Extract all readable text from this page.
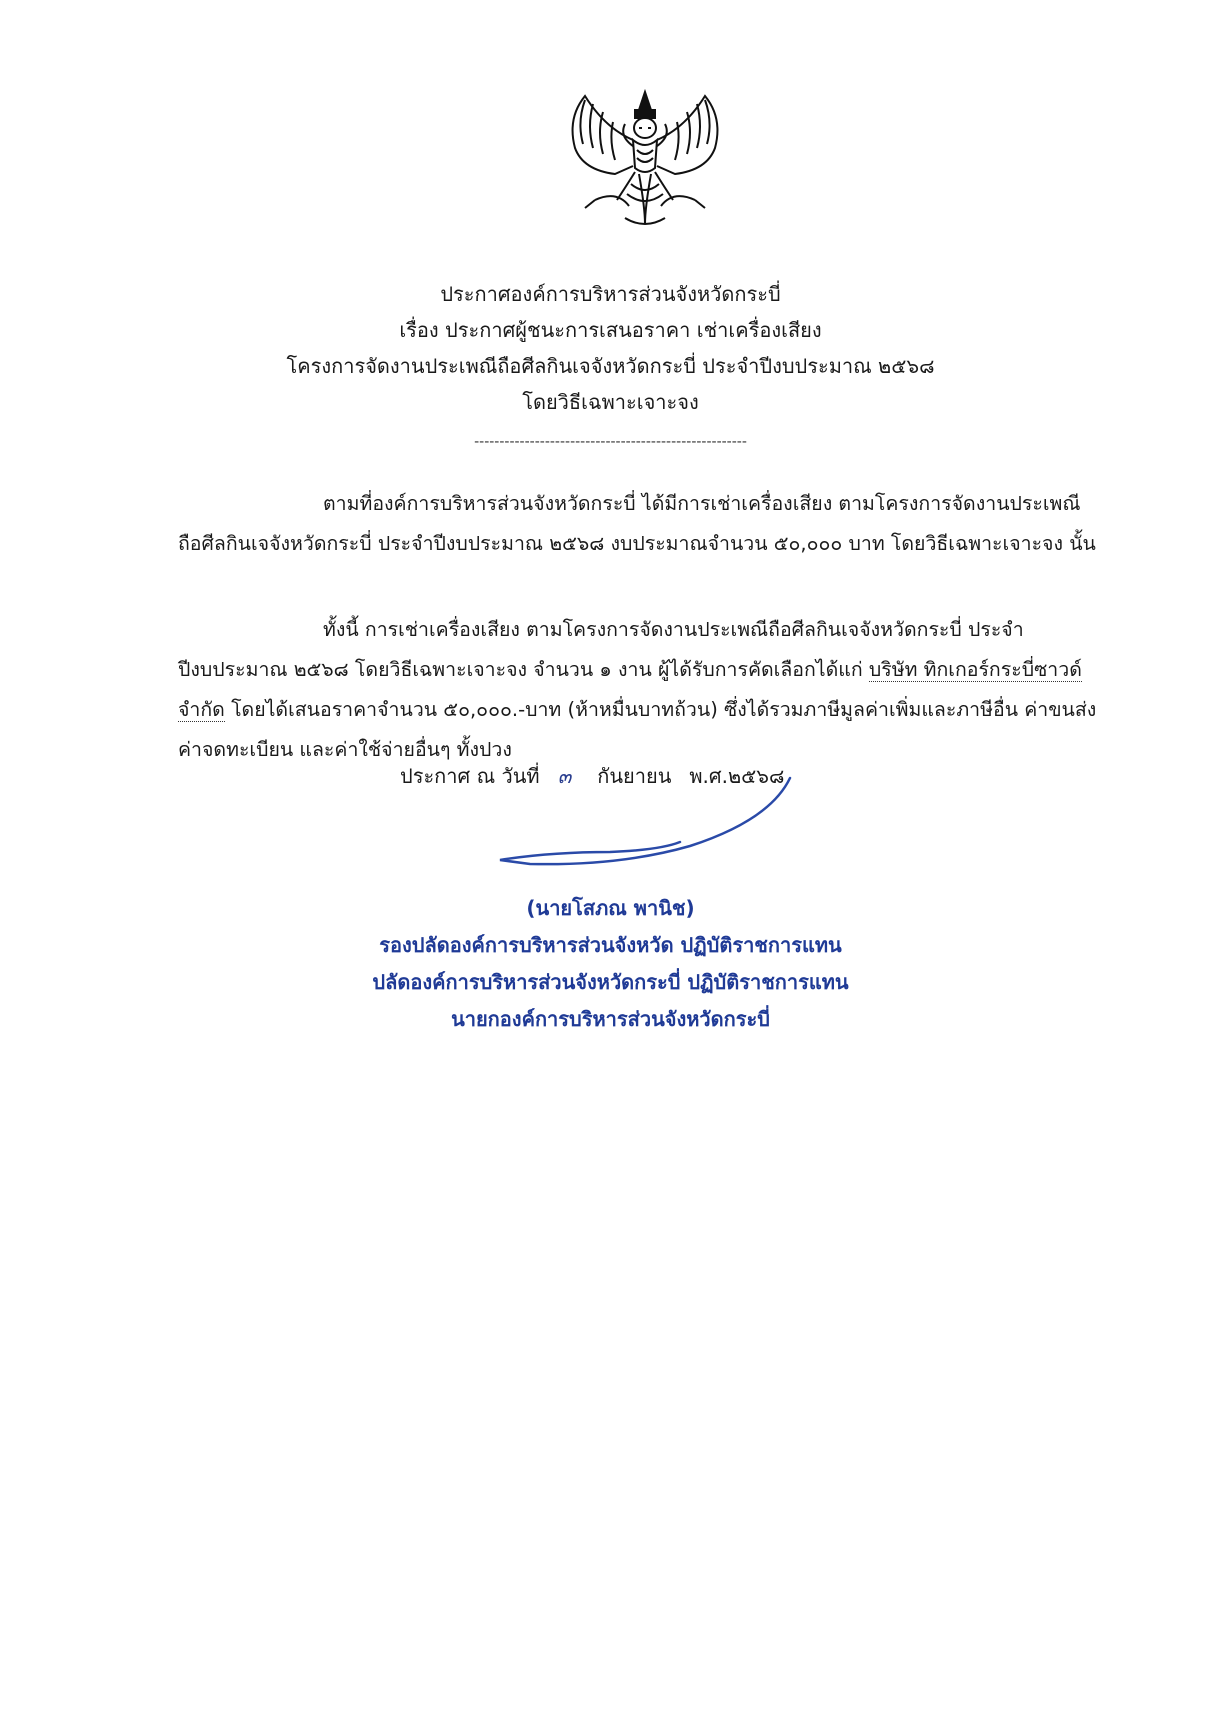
ประกาศองค์การบริหารส่วนจังหวัดกระบี่
เรื่อง ประกาศผู้ชนะการเสนอราคา เช่าเครื่องเสียง
โครงการจัดงานประเพณีถือศีลกินเจจังหวัดกระบี่ ประจำปีงบประมาณ ๒๕๖๘
โดยวิธีเฉพาะเจาะจง
------------------------------------------------------
ตามที่องค์การบริหารส่วนจังหวัดกระบี่ ได้มีการเช่าเครื่องเสียง ตามโครงการจัดงานประเพณีถือศีลกินเจจังหวัดกระบี่ ประจำปีงบประมาณ ๒๕๖๘ งบประมาณจำนวน ๕๐,๐๐๐ บาท โดยวิธีเฉพาะเจาะจง นั้น
ทั้งนี้ การเช่าเครื่องเสียง ตามโครงการจัดงานประเพณีถือศีลกินเจจังหวัดกระบี่ ประจำปีงบประมาณ ๒๕๖๘ โดยวิธีเฉพาะเจาะจง จำนวน ๑ งาน ผู้ได้รับการคัดเลือกได้แก่ บริษัท ทิกเกอร์กระบี่ซาวด์ จำกัด โดยได้เสนอราคาจำนวน ๕๐,๐๐๐.-บาท (ห้าหมื่นบาทถ้วน) ซึ่งได้รวมภาษีมูลค่าเพิ่มและภาษีอื่น ค่าขนส่ง ค่าจดทะเบียน และค่าใช้จ่ายอื่นๆ ทั้งปวง
ประกาศ ณ วันที่ ๓ กันยายน พ.ศ.๒๕๖๘
(นายโสภณ พานิช)
รองปลัดองค์การบริหารส่วนจังหวัด ปฏิบัติราชการแทน
ปลัดองค์การบริหารส่วนจังหวัดกระบี่ ปฏิบัติราชการแทน
นายกองค์การบริหารส่วนจังหวัดกระบี่
